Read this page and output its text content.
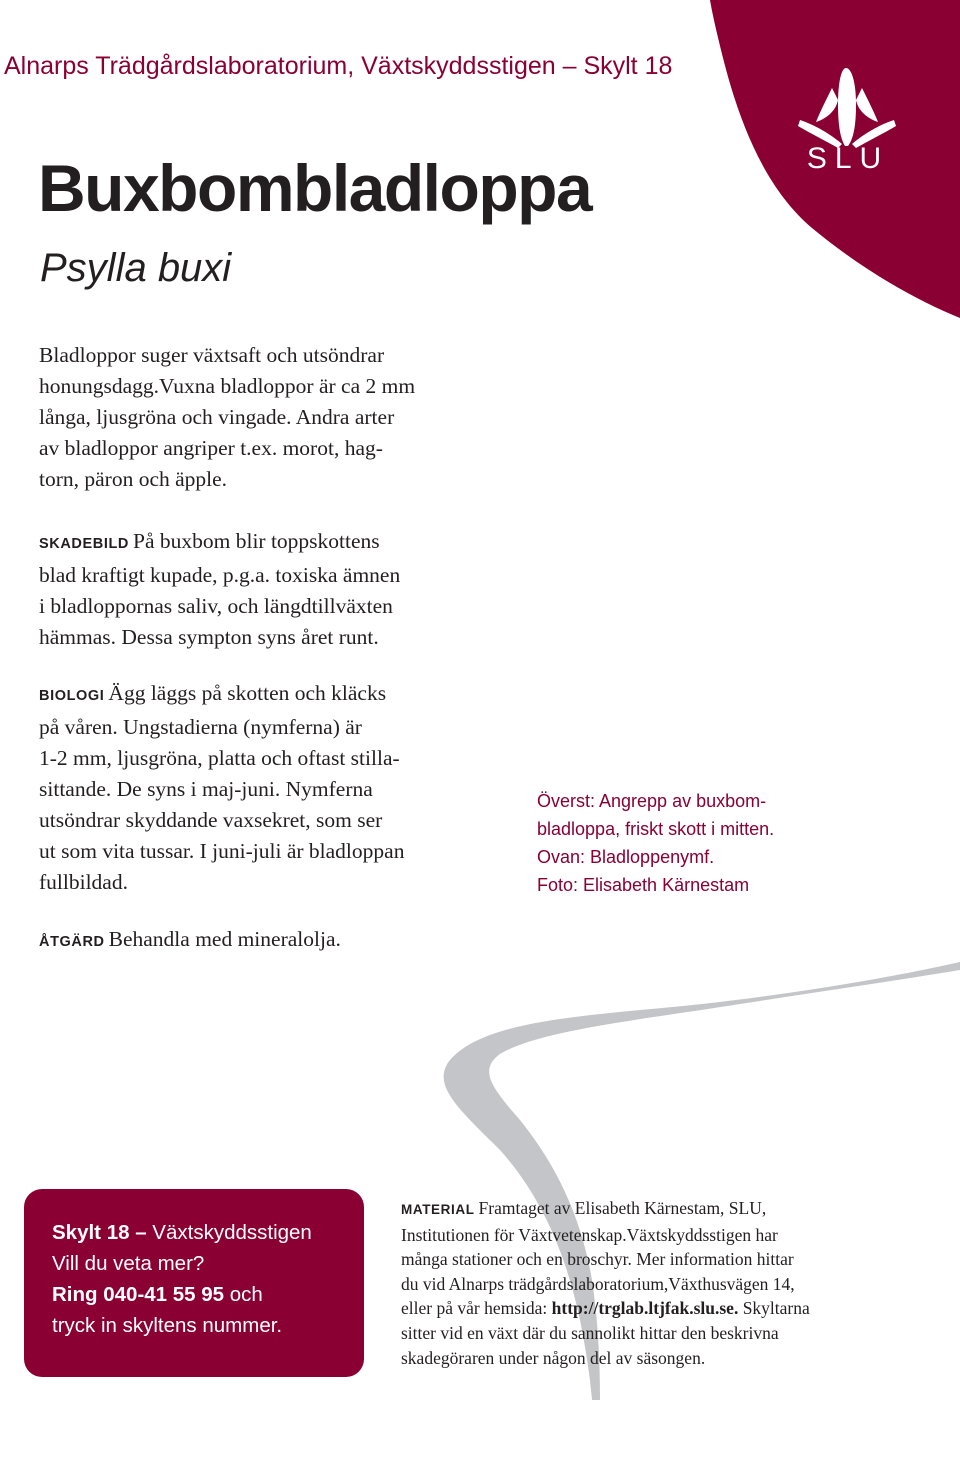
SLU
Alnarps Trädgårdslaboratorium, Växtskyddsstigen – Skylt 18
Buxbombladloppa
Psylla buxi
Bladloppor suger växtsaft och utsöndrar
honungsdagg.Vuxna bladloppor är ca 2 mm
långa, ljusgröna och vingade. Andra arter
av bladloppor angriper t.ex. morot, hag-
torn, päron och äpple.
SKADEBILD På buxbom blir toppskottens
blad kraftigt kupade, p.g.a. toxiska ämnen
i bladloppornas saliv, och längdtillväxten
hämmas. Dessa sympton syns året runt.
BIOLOGI Ägg läggs på skotten och kläcks
på våren. Ungstadierna (nymferna) är
1-2 mm, ljusgröna, platta och oftast stilla-
sittande. De syns i maj-juni. Nymferna
utsöndrar skyddande vaxsekret, som ser
ut som vita tussar. I juni-juli är bladloppan
fullbildad.
ÅTGÄRD Behandla med mineralolja.
Överst: Angrepp av buxbom-
bladloppa, friskt skott i mitten.
Ovan: Bladloppenymf.
Foto: Elisabeth Kärnestam
Skylt 18 – Växtskyddsstigen
Vill du veta mer?
Ring 040-41 55 95 och
tryck in skyltens nummer.
MATERIAL Framtaget av Elisabeth Kärnestam, SLU,
Institutionen för Växtvetenskap.Växtskyddsstigen har
många stationer och en broschyr. Mer information hittar
du vid Alnarps trädgårdslaboratorium,Växthusvägen 14,
eller på vår hemsida: http://trglab.ltjfak.slu.se. Skyltarna
sitter vid en växt där du sannolikt hittar den beskrivna
skadegöraren under någon del av säsongen.
